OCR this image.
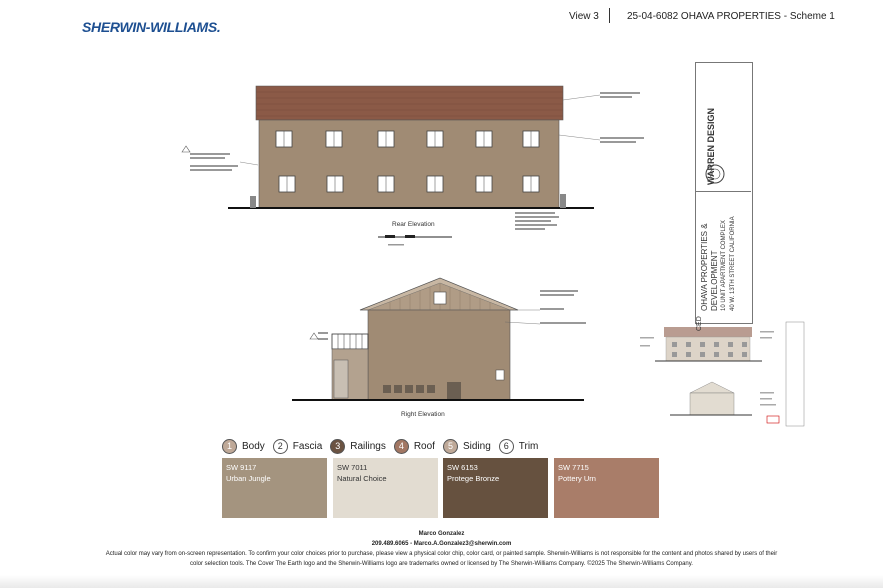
SHERWIN-WILLIAMS.
View 3	25-04-6082 OHAVA PROPERTIES - Scheme 1
Rear Elevation
Right Elevation
WARREN DESIGN
OHAVA PROPERTIES & DEVELOPMENT 10 UNIT APARTMENT COMPLEX 40 W. 13TH STREET CALIFORNIA
CED
1	Body	2	Fascia	3	Railings	4	Roof	5	Siding	6	Trim
SW 9117
Urban Jungle
SW 7011
Natural Choice
SW 6153
Protege Bronze
SW 7715
Pottery Urn
Marco Gonzalez
209.489.6065 - Marco.A.Gonzalez3@sherwin.com
Actual color may vary from on-screen representation. To confirm your color choices prior to purchase, please view a physical color chip, color card, or painted sample. Sherwin-Williams is not responsible for the content and photos shared by users of their
color selection tools. The Cover The Earth logo and the Sherwin-Williams logo are trademarks owned or licensed by The Sherwin-Williams Company. ©2025 The Sherwin-Williams Company.
